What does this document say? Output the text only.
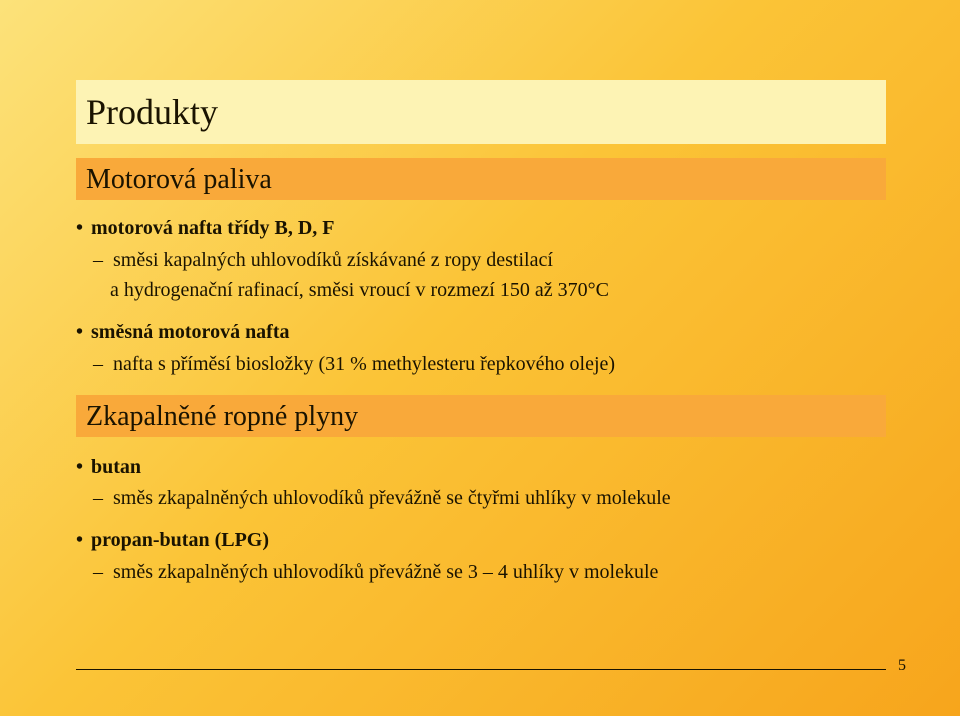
Produkty
Motorová paliva
• motorová nafta třídy B, D, F
– směsi kapalných uhlovodíků získávané z ropy destilací
a hydrogenační rafinací, směsi vroucí v rozmezí 150 až 370°C
• směsná motorová nafta
– nafta s příměsí biosložky (31 % methylesteru řepkového oleje)
Zkapalněné ropné plyny
• butan
– směs zkapalněných uhlovodíků převážně se čtyřmi uhlíky v molekule
• propan-butan (LPG)
– směs zkapalněných uhlovodíků převážně se 3 – 4 uhlíky v molekule
5
